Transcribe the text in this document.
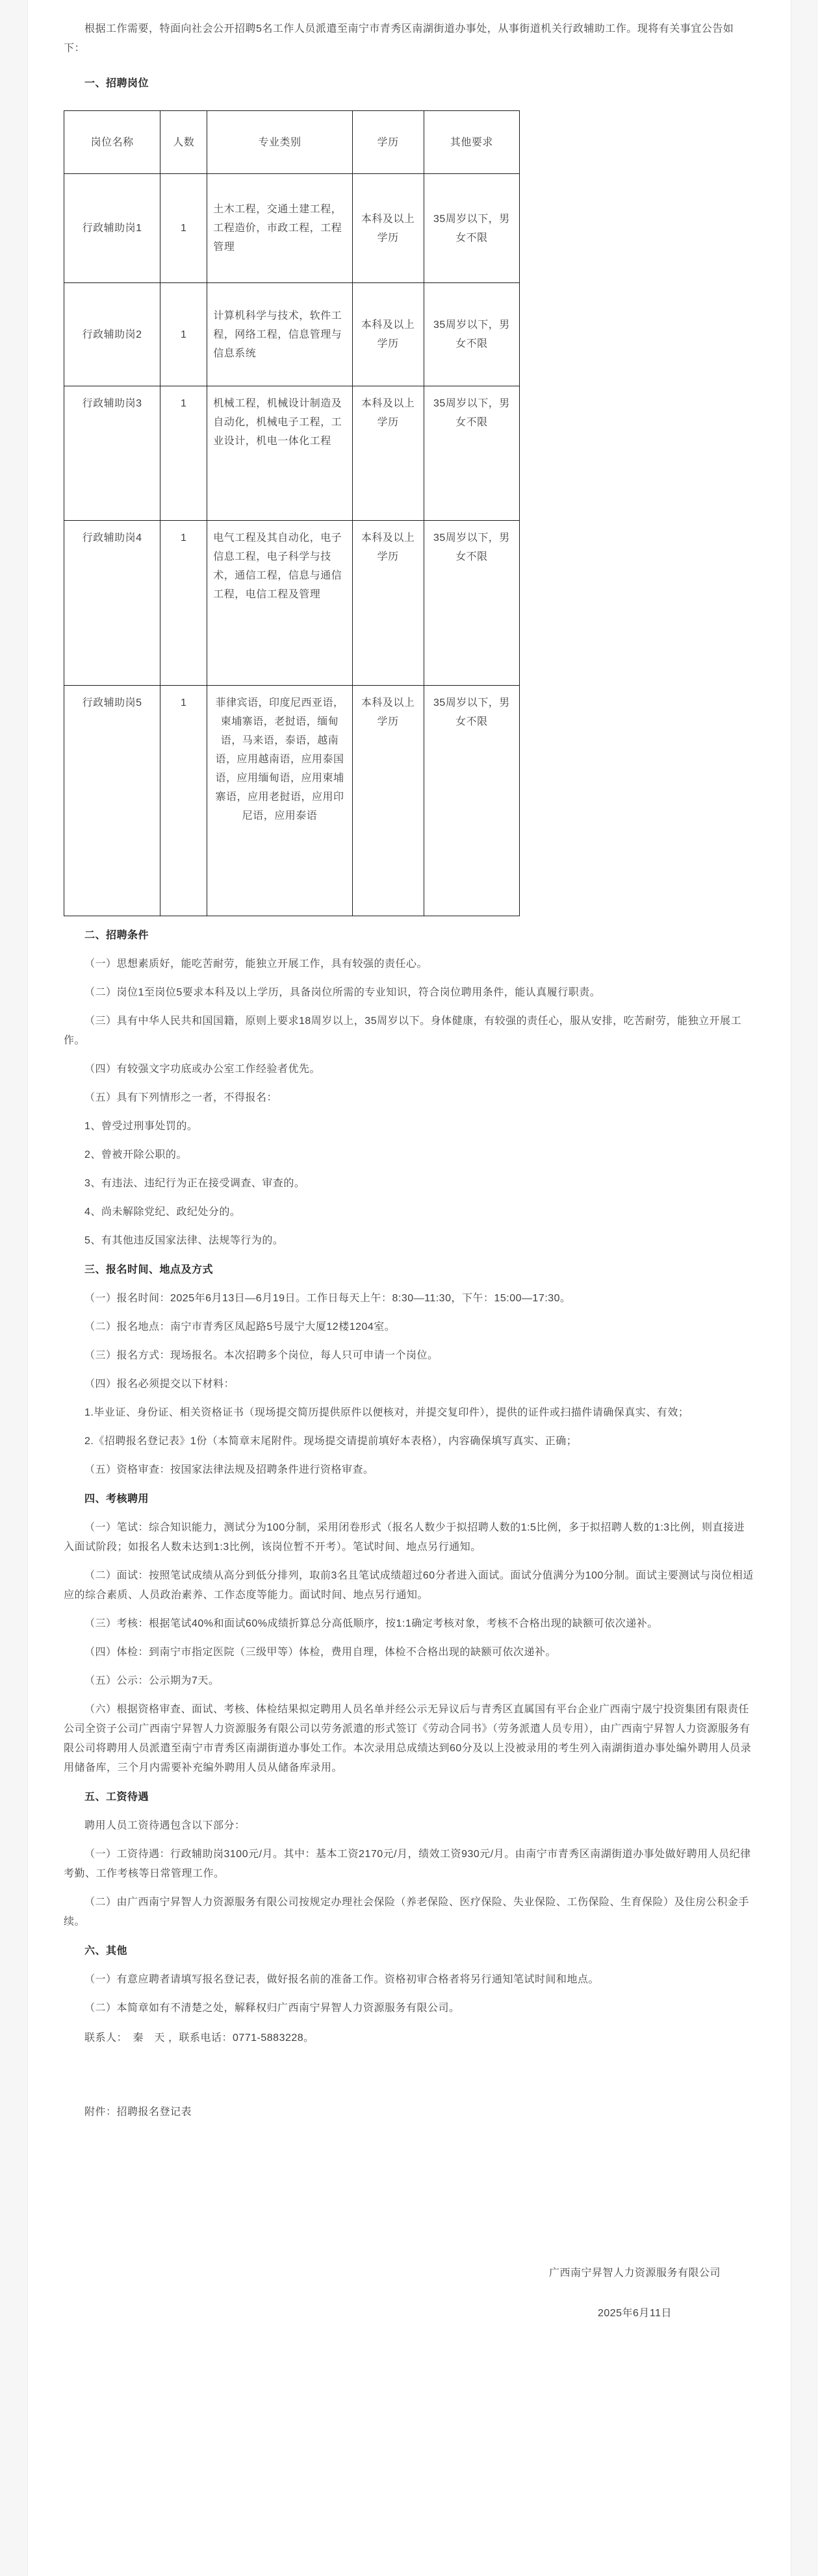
根据工作需要，特面向社会公开招聘5名工作人员派遣至南宁市青秀区南湖街道办事处，从事街道机关行政辅助工作。现将有关事宜公告如下：

一、招聘岗位
岗位名称	人数	专业类别	学历	其他要求
行政辅助岗1	1	土木工程，交通土建工程，工程造价，市政工程，工程管理	本科及以上学历	35周岁以下，男女不限
行政辅助岗2	1	计算机科学与技术，软件工程，网络工程，信息管理与信息系统	本科及以上学历	35周岁以下，男女不限
行政辅助岗3	1	机械工程，机械设计制造及自动化，机械电子工程，工业设计，机电一体化工程	本科及以上学历	35周岁以下，男女不限
行政辅助岗4	1	电气工程及其自动化，电子信息工程，电子科学与技术，通信工程，信息与通信工程，电信工程及管理	本科及以上学历	35周岁以下，男女不限
行政辅助岗5	1	菲律宾语，印度尼西亚语，柬埔寨语，老挝语，缅甸语，马来语，泰语，越南语，应用越南语，应用泰国语，应用缅甸语，应用柬埔寨语，应用老挝语，应用印尼语，应用泰语	本科及以上学历	35周岁以下，男女不限
二、招聘条件

（一）思想素质好，能吃苦耐劳，能独立开展工作，具有较强的责任心。

（二）岗位1至岗位5要求本科及以上学历，具备岗位所需的专业知识，符合岗位聘用条件，能认真履行职责。

（三）具有中华人民共和国国籍，原则上要求18周岁以上，35周岁以下。身体健康，有较强的责任心，服从安排，吃苦耐劳，能独立开展工作。

（四）有较强文字功底或办公室工作经验者优先。

（五）具有下列情形之一者，不得报名：

1、曾受过刑事处罚的。

2、曾被开除公职的。

3、有违法、违纪行为正在接受调查、审查的。

4、尚未解除党纪、政纪处分的。

5、有其他违反国家法律、法规等行为的。

三、报名时间、地点及方式

（一）报名时间：2025年6月13日—6月19日。工作日每天上午：8:30—11:30，下午：15:00—17:30。

（二）报名地点：南宁市青秀区凤起路5号晟宁大厦12楼1204室。

（三）报名方式：现场报名。本次招聘多个岗位，每人只可申请一个岗位。

（四）报名必须提交以下材料：

1.毕业证、身份证、相关资格证书（现场提交简历提供原件以便核对，并提交复印件），提供的证件或扫描件请确保真实、有效；

2.《招聘报名登记表》1份（本简章末尾附件。现场提交请提前填好本表格），内容确保填写真实、正确；

（五）资格审查：按国家法律法规及招聘条件进行资格审查。

四、考核聘用

（一）笔试：综合知识能力，测试分为100分制，采用闭卷形式（报名人数少于拟招聘人数的1:5比例，多于拟招聘人数的1:3比例，则直接进入面试阶段；如报名人数未达到1:3比例，该岗位暂不开考）。笔试时间、地点另行通知。

（二）面试：按照笔试成绩从高分到低分排列，取前3名且笔试成绩超过60分者进入面试。面试分值满分为100分制。面试主要测试与岗位相适应的综合素质、人员政治素养、工作态度等能力。面试时间、地点另行通知。

（三）考核：根据笔试40%和面试60%成绩折算总分高低顺序，按1:1确定考核对象，考核不合格出现的缺额可依次递补。

（四）体检：到南宁市指定医院（三级甲等）体检，费用自理，体检不合格出现的缺额可依次递补。

（五）公示：公示期为7天。

（六）根据资格审查、面试、考核、体检结果拟定聘用人员名单并经公示无异议后与青秀区直属国有平台企业广西南宁晟宁投资集团有限责任公司全资子公司广西南宁昇智人力资源服务有限公司以劳务派遣的形式签订《劳动合同书》（劳务派遣人员专用），由广西南宁昇智人力资源服务有限公司将聘用人员派遣至南宁市青秀区南湖街道办事处工作。本次录用总成绩达到60分及以上没被录用的考生列入南湖街道办事处编外聘用人员录用储备库，三个月内需要补充编外聘用人员从储备库录用。

五、工资待遇

聘用人员工资待遇包含以下部分：

（一）工资待遇：行政辅助岗3100元/月。其中：基本工资2170元/月，绩效工资930元/月。由南宁市青秀区南湖街道办事处做好聘用人员纪律考勤、工作考核等日常管理工作。

（二）由广西南宁昇智人力资源服务有限公司按规定办理社会保险（养老保险、医疗保险、失业保险、工伤保险、生育保险）及住房公积金手续。

六、其他

（一）有意应聘者请填写报名登记表，做好报名前的准备工作。资格初审合格者将另行通知笔试时间和地点。

（二）本简章如有不清楚之处，解释权归广西南宁昇智人力资源服务有限公司。

联系人：　秦　天 ，联系电话：0771-5883228。

附件：招聘报名登记表

广西南宁昇智人力资源服务有限公司

2025年6月11日
